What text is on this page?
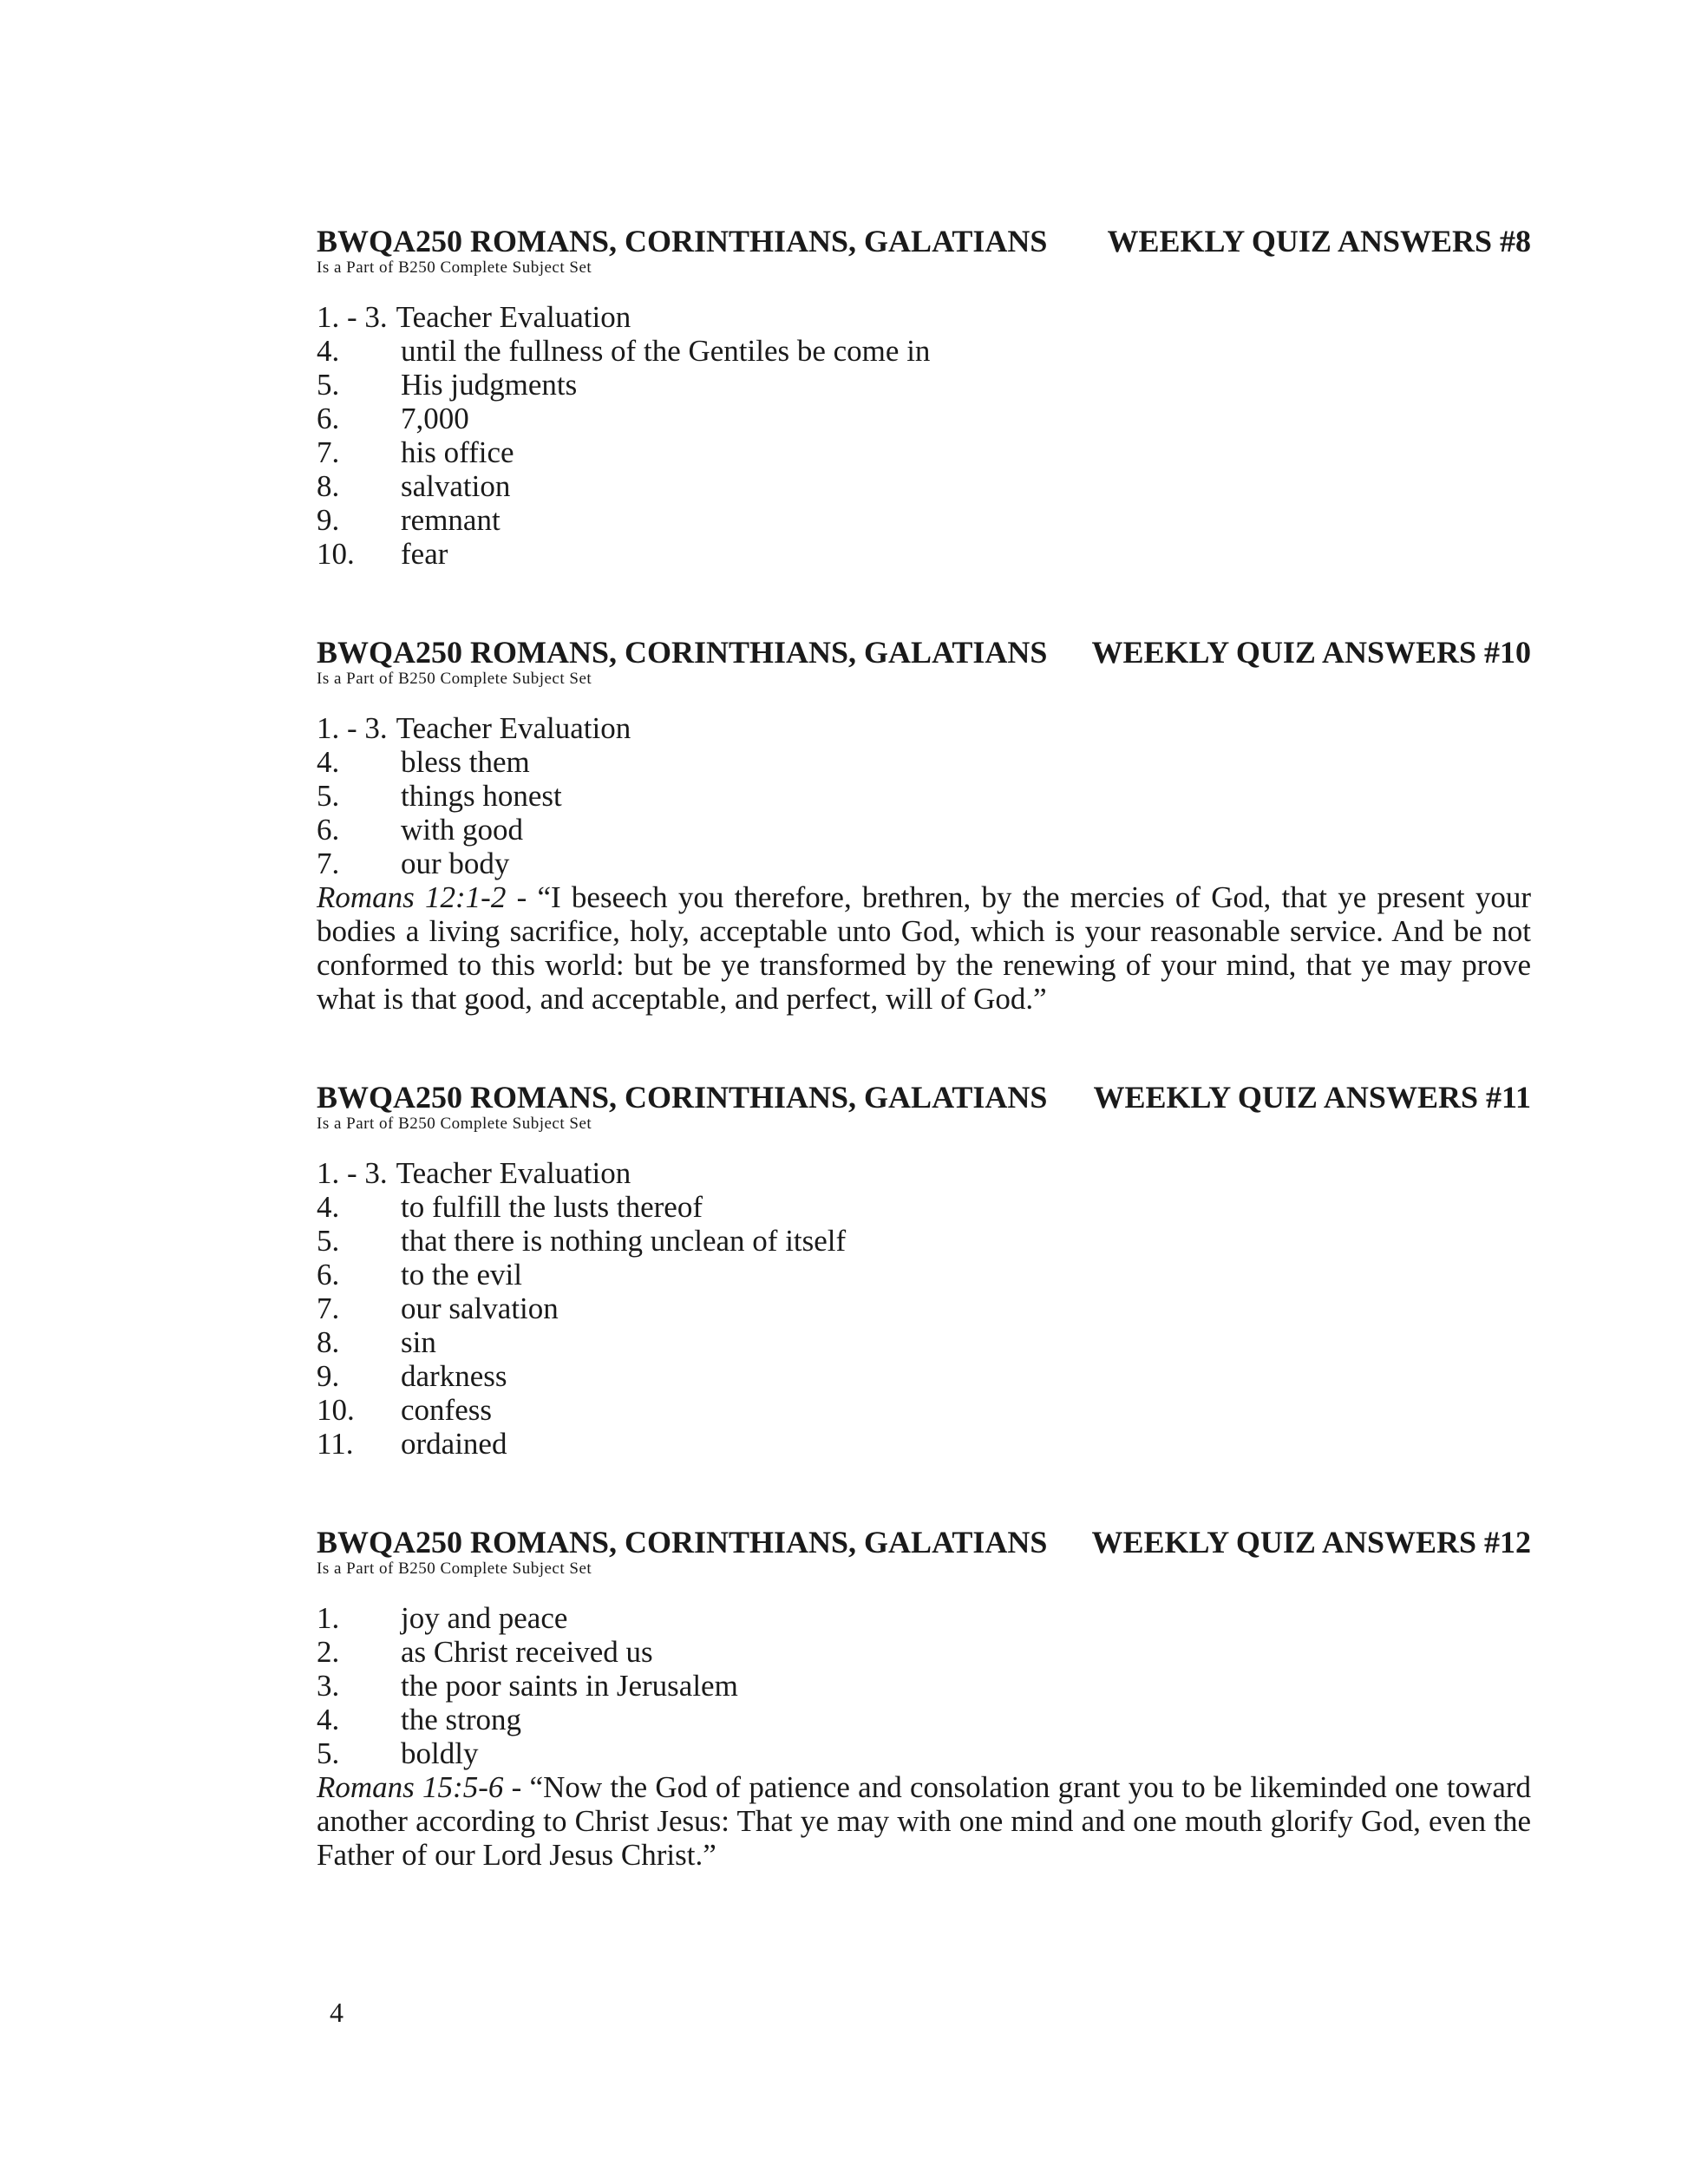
BWQA250 ROMANS, CORINTHIANS, GALATIANS WEEKLY QUIZ ANSWERS #8
Is a Part of B250 Complete Subject Set
1. - 3. Teacher Evaluation
4.	until the fullness of the Gentiles be come in
5.	His judgments
6.	7,000
7.	his office
8.	salvation
9.	remnant
10.	fear
BWQA250 ROMANS, CORINTHIANS, GALATIANS WEEKLY QUIZ ANSWERS #10
Is a Part of B250 Complete Subject Set
1. - 3. Teacher Evaluation
4.	bless them
5.	things honest
6.	with good
7.	our body
Romans 12:1-2 - “I beseech you therefore, brethren, by the mercies of God, that ye present your bodies a living sacrifice, holy, acceptable unto God, which is your reasonable service. And be not conformed to this world: but be ye transformed by the renewing of your mind, that ye may prove what is that good, and acceptable, and perfect, will of God.”
BWQA250 ROMANS, CORINTHIANS, GALATIANS WEEKLY QUIZ ANSWERS #11
Is a Part of B250 Complete Subject Set
1. - 3. Teacher Evaluation
4.	to fulfill the lusts thereof
5.	that there is nothing unclean of itself
6.	to the evil
7.	our salvation
8.	sin
9.	darkness
10.	confess
11.	ordained
BWQA250 ROMANS, CORINTHIANS, GALATIANS WEEKLY QUIZ ANSWERS #12
Is a Part of B250 Complete Subject Set
1.	joy and peace
2.	as Christ received us
3.	the poor saints in Jerusalem
4.	the strong
5.	boldly
Romans 15:5-6 - “Now the God of patience and consolation grant you to be likeminded one toward another according to Christ Jesus: That ye may with one mind and one mouth glorify God, even the Father of our Lord Jesus Christ.”
4
